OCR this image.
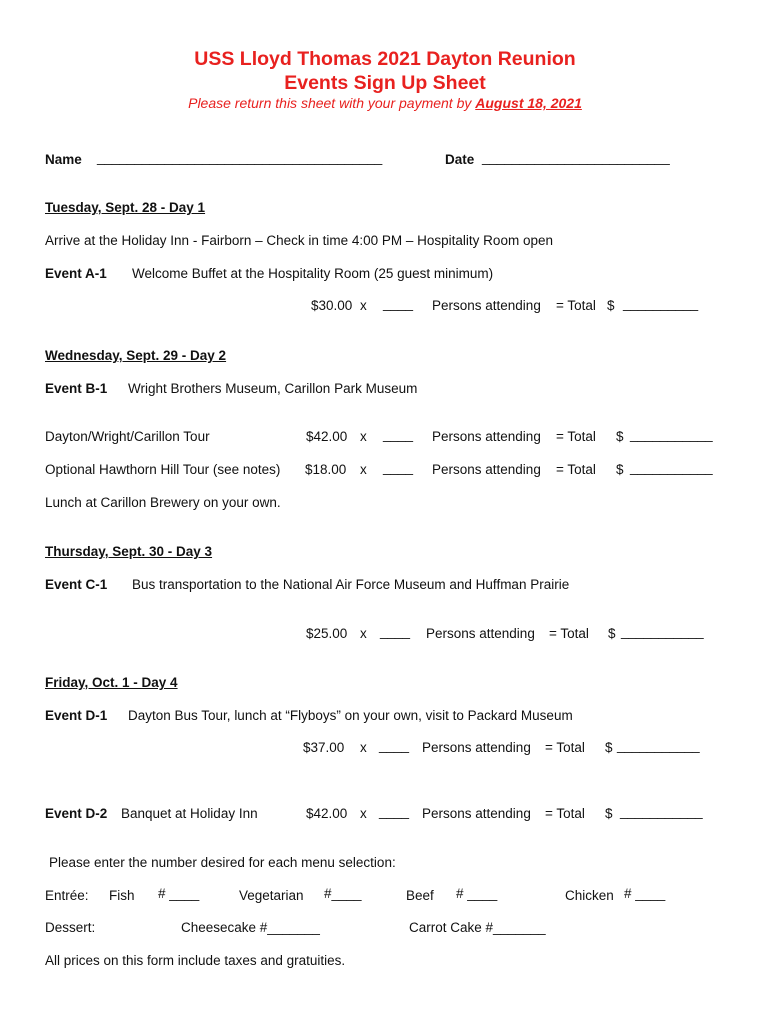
USS Lloyd Thomas 2021 Dayton Reunion
Events Sign Up Sheet
Please return this sheet with your payment by August 18, 2021
Name ______________________________________	Date _________________________
Tuesday, Sept. 28 - Day 1
Arrive at the Holiday Inn - Fairborn – Check in time 4:00 PM – Hospitality Room open
Event A-1 Welcome Buffet at the Hospitality Room (25 guest minimum)
$30.00 x ____ Persons attending = Total $ __________
Wednesday, Sept. 29 - Day 2
Event B-1 Wright Brothers Museum, Carillon Park Museum
Dayton/Wright/Carillon Tour	$42.00 x ____ Persons attending = Total $ ___________
Optional Hawthorn Hill Tour (see notes) $18.00 x ____ Persons attending = Total $ ___________
Lunch at Carillon Brewery on your own.
Thursday, Sept. 30 - Day 3
Event C-1 Bus transportation to the National Air Force Museum and Huffman Prairie
$25.00 x ____ Persons attending = Total $ ___________
Friday, Oct. 1 - Day 4
Event D-1 Dayton Bus Tour, lunch at “Flyboys” on your own, visit to Packard Museum
$37.00 x ____ Persons attending = Total $ ___________
Event D-2 Banquet at Holiday Inn	$42.00 x ____ Persons attending = Total $ ___________
Please enter the number desired for each menu selection:
Entrée: Fish # ____	Vegetarian #____	Beef # ____	Chicken # ____
Dessert:	Cheesecake #_______	Carrot Cake #_______
All prices on this form include taxes and gratuities.
